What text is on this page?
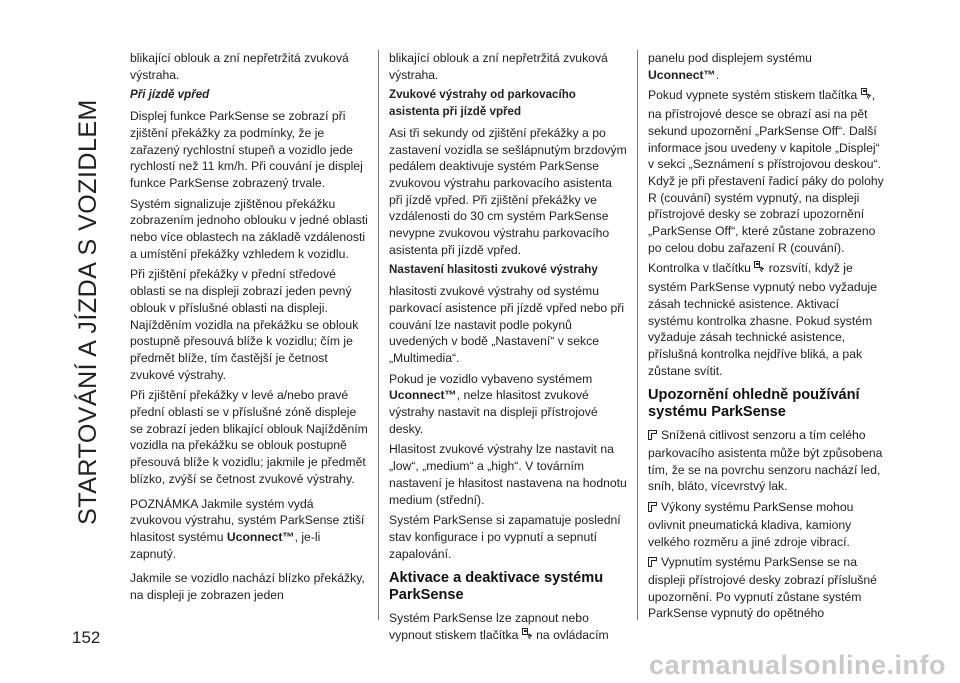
STARTOVÁNÍ A JÍZDA S VOZIDLEM
152

blikající oblouk a zní nepřetržitá zvuková výstraha.

Při jízdě vpřed

Displej funkce ParkSense se zobrazí při zjištění překážky za podmínky, že je zařazený rychlostní stupeň a vozidlo jede rychlostí než 11 km/h. Při couvání je displej funkce ParkSense zobrazený trvale.

Systém signalizuje zjištěnou překážku zobrazením jednoho oblouku v jedné oblasti nebo více oblastech na základě vzdálenosti a umístění překážky vzhledem k vozidlu.

Při zjištění překážky v přední středové oblasti se na displeji zobrazí jeden pevný oblouk v příslušné oblasti na displeji. Najížděním vozidla na překážku se oblouk postupně přesouvá blíže k vozidlu; čím je předmět blíže, tím častější je četnost zvukové výstrahy.

Při zjištění překážky v levé a/nebo pravé přední oblasti se v příslušné zóně displeje se zobrazí jeden blikající oblouk Najížděním vozidla na překážku se oblouk postupně přesouvá blíže k vozidlu; jakmile je předmět blízko, zvýší se četnost zvukové výstrahy.

POZNÁMKA Jakmile systém vydá zvukovou výstrahu, systém ParkSense ztiší hlasitost systému Uconnect™, je-li zapnutý.

Jakmile se vozidlo nachází blízko překážky, na displeji je zobrazen jeden

blikající oblouk a zní nepřetržitá zvuková výstraha.

Zvukové výstrahy od parkovacího asistenta při jízdě vpřed

Asi tři sekundy od zjištění překážky a po zastavení vozidla se sešlápnutým brzdovým pedálem deaktivuje systém ParkSense zvukovou výstrahu parkovacího asistenta při jízdě vpřed. Při zjištění překážky ve vzdálenosti do 30 cm systém ParkSense nevypne zvukovou výstrahu parkovacího asistenta při jízdě vpřed.

Nastavení hlasitosti zvukové výstrahy

hlasitosti zvukové výstrahy od systému parkovací asistence při jízdě vpřed nebo při couvání lze nastavit podle pokynů uvedených v bodě „Nastavení“ v sekce „Multimedia“.

Pokud je vozidlo vybaveno systémem Uconnect™, nelze hlasitost zvukové výstrahy nastavit na displeji přístrojové desky.

Hlasitost zvukové výstrahy lze nastavit na „low“, „medium“ a „high“. V továrním nastavení je hlasitost nastavena na hodnotu medium (střední).

Systém ParkSense si zapamatuje poslední stav konfigurace i po vypnutí a sepnutí zapalování.

Aktivace a deaktivace systému ParkSense

Systém ParkSense lze zapnout nebo vypnout stiskem tlačítka  na ovládacím

panelu pod displejem systému Uconnect™.

Pokud vypnete systém stiskem tlačítka , na přístrojové desce se obrazí asi na pět sekund upozornění „ParkSense Off“. Další informace jsou uvedeny v kapitole „Displej“ v sekci „Seznámení s přístrojovou deskou“. Když je při přestavení řadicí páky do polohy R (couvání) systém vypnutý, na displeji přístrojové desky se zobrazí upozornění „ParkSense Off“, které zůstane zobrazeno po celou dobu zařazení R (couvání).

Kontrolka v tlačítku  rozsvítí, když je systém ParkSense vypnutý nebo vyžaduje zásah technické asistence. Aktivací systému kontrolka zhasne. Pokud systém vyžaduje zásah technické asistence, příslušná kontrolka nejdříve bliká, a pak zůstane svítit.

Upozornění ohledně používání systému ParkSense

Snížená citlivost senzoru a tím celého parkovacího asistenta může být způsobena tím, že se na povrchu senzoru nachází led, sníh, bláto, vícevrstvý lak.

Výkony systému ParkSense mohou ovlivnit pneumatická kladiva, kamiony velkého rozměru a jiné zdroje vibrací.

Vypnutím systému ParkSense se na displeji přístrojové desky zobrazí příslušné upozornění. Po vypnutí zůstane systém ParkSense vypnutý do opětného

carmanualsonline.info
